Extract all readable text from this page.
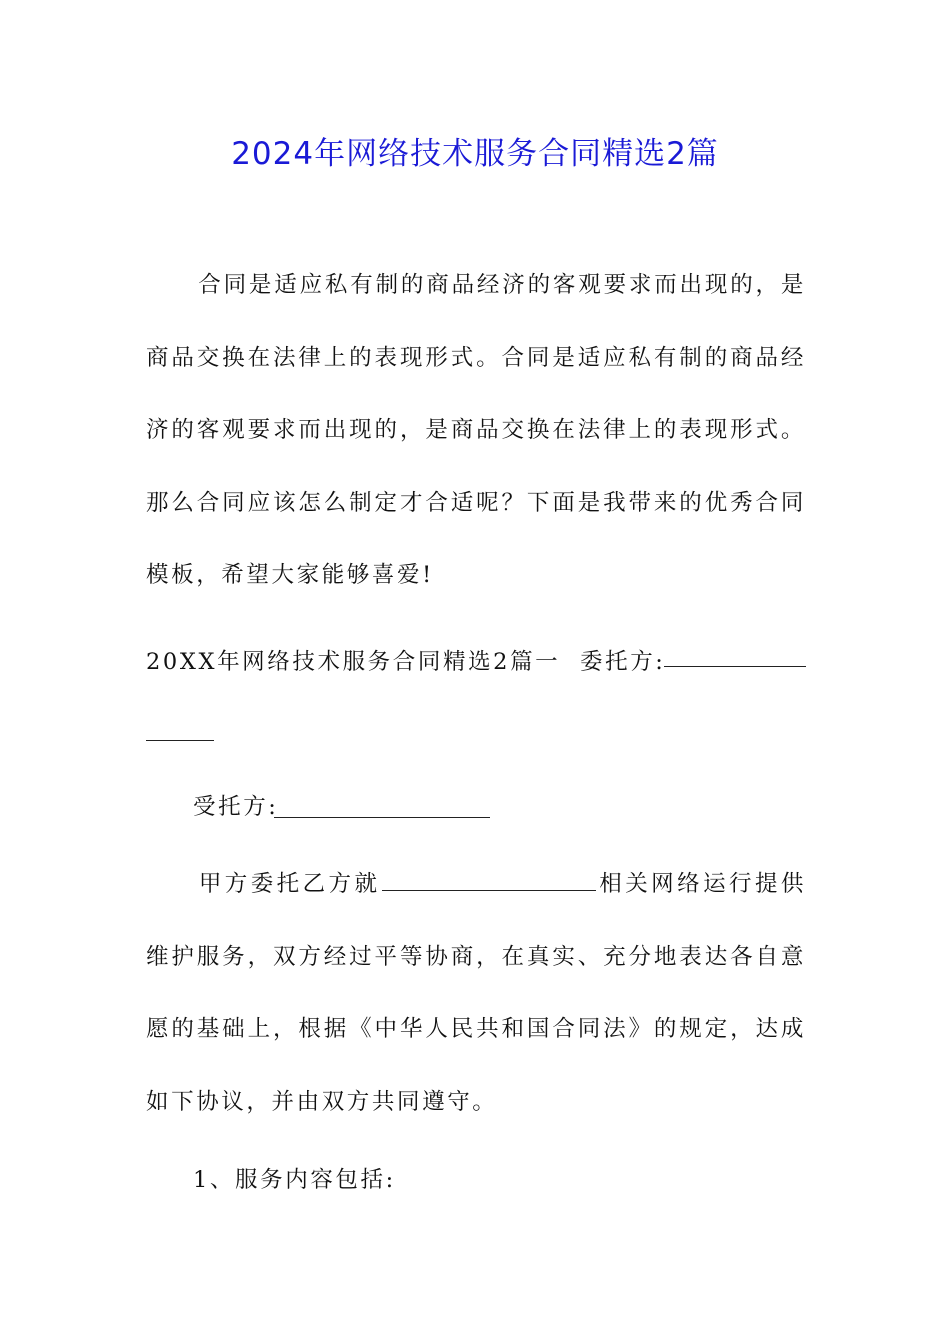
2024年网络技术服务合同精选2篇
合同是适应私有制的商品经济的客观要求而出现的，是商品交换在法律上的表现形式。合同是适应私有制的商品经济的客观要求而出现的，是商品交换在法律上的表现形式。那么合同应该怎么制定才合适呢？下面是我带来的优秀合同模板，希望大家能够喜爱!
20XX年网络技术服务合同精选2篇一 委托方:
受托方:
甲方委托乙方就	相关网络运行提供维护服务，双方经过平等协商，在真实、充分地表达各自意愿的基础上，根据《中华人民共和国合同法》的规定，达成如下协议，并由双方共同遵守。
1、服务内容包括:
